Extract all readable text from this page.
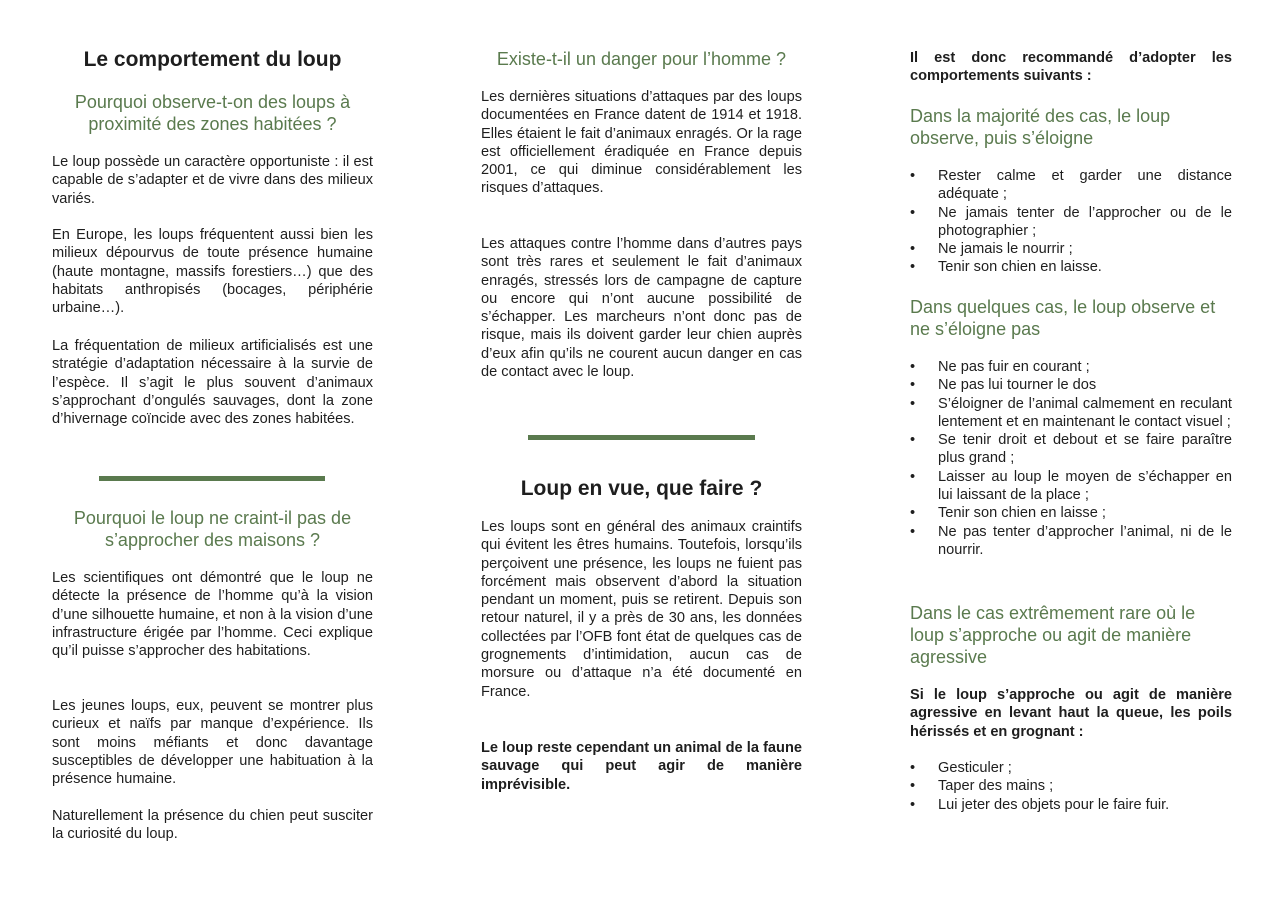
Le comportement du loup
Pourquoi observe-t-on des loups à proximité des zones habitées ?

Le loup possède un caractère opportuniste : il est capable de s’adapter et de vivre dans des milieux variés.

En Europe, les loups fréquentent aussi bien les milieux dépourvus de toute présence humaine (haute montagne, massifs forestiers…) que des habitats anthropisés (bocages, périphérie urbaine…).

La fréquentation de milieux artificialisés est une stratégie d’adaptation nécessaire à la survie de l’espèce. Il s’agit le plus souvent d’animaux s’approchant d’ongulés sauvages, dont la zone d’hivernage coïncide avec des zones habitées.

Pourquoi le loup ne craint-il pas de s’approcher des maisons ?

Les scientifiques ont démontré que le loup ne détecte la présence de l’homme qu’à la vision d’une silhouette humaine, et non à la vision d’une infrastructure érigée par l’homme. Ceci explique qu’il puisse s’approcher des habitations.

Les jeunes loups, eux, peuvent se montrer plus curieux et naïfs par manque d’expérience. Ils sont moins méfiants et donc davantage susceptibles de développer une habituation à la présence humaine.

Naturellement la présence du chien peut susciter la curiosité du loup.

Existe-t-il un danger pour l’homme ?

Les dernières situations d’attaques par des loups documentées en France datent de 1914 et 1918. Elles étaient le fait d’animaux enragés. Or la rage est officiellement éradiquée en France depuis 2001, ce qui diminue considérablement les risques d’attaques.

Les attaques contre l’homme dans d’autres pays sont très rares et seulement le fait d’animaux enragés, stressés lors de campagne de capture ou encore qui n’ont aucune possibilité de s’échapper. Les marcheurs n’ont donc pas de risque, mais ils doivent garder leur chien auprès d’eux afin qu’ils ne courent aucun danger en cas de contact avec le loup.

Loup en vue, que faire ?

Les loups sont en général des animaux craintifs qui évitent les êtres humains. Toutefois, lorsqu’ils perçoivent une présence, les loups ne fuient pas forcément mais observent d’abord la situation pendant un moment, puis se retirent. Depuis son retour naturel, il y a près de 30 ans, les données collectées par l’OFB font état de quelques cas de grognements d’intimidation, aucun cas de morsure ou d’attaque n’a été documenté en France.

Le loup reste cependant un animal de la faune sauvage qui peut agir de manière imprévisible.

Il est donc recommandé d’adopter les comportements suivants :

Dans la majorité des cas, le loup observe, puis s’éloigne
• Rester calme et garder une distance adéquate ;
• Ne jamais tenter de l’approcher ou de le photographier ;
• Ne jamais le nourrir ;
• Tenir son chien en laisse.
Dans quelques cas, le loup observe et ne s’éloigne pas
• Ne pas fuir en courant ;
• Ne pas lui tourner le dos
• S’éloigner de l’animal calmement en reculant lentement et en maintenant le contact visuel ;
• Se tenir droit et debout et se faire paraître plus grand ;
• Laisser au loup le moyen de s’échapper en lui laissant de la place ;
• Tenir son chien en laisse ;
• Ne pas tenter d’approcher l’animal, ni de le nourrir.
Dans le cas extrêmement rare où le loup s’approche ou agit de manière agressive

Si le loup s’approche ou agit de manière agressive en levant haut la queue, les poils hérissés et en grognant :

• Gesticuler ;
• Taper des mains ;
• Lui jeter des objets pour le faire fuir.
